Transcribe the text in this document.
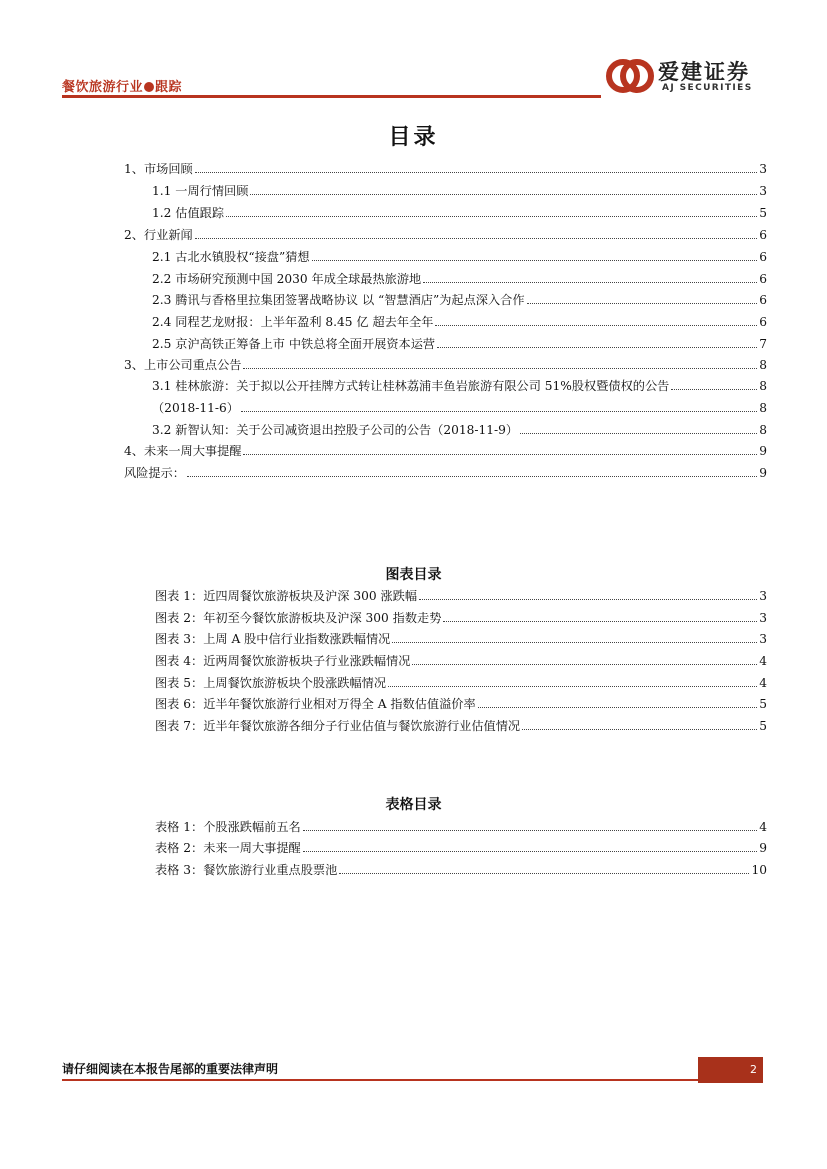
餐饮旅游行业 跟踪
爱建证券
AJ SECURITIES
目录
1、市场回顾	3
1.1 一周行情回顾	3
1.2 估值跟踪	5
2、行业新闻	6
2.1 古北水镇股权“接盘”猜想	6
2.2 市场研究预测中国 2030 年成全球最热旅游地	6
2.3 腾讯与香格里拉集团签署战略协议 以 “智慧酒店”为起点深入合作	6
2.4 同程艺龙财报：上半年盈利 8.45 亿 超去年全年	6
2.5 京沪高铁正筹备上市 中铁总将全面开展资本运营	7
3、上市公司重点公告	8
3.1 桂林旅游：关于拟以公开挂牌方式转让桂林荔浦丰鱼岩旅游有限公司 51%股权暨债权的公告	8
（2018-11-6）	8
3.2 新智认知：关于公司减资退出控股子公司的公告（2018-11-9）	8
4、未来一周大事提醒	9
风险提示：	9
图表目录
图表 1：近四周餐饮旅游板块及沪深 300 涨跌幅	3
图表 2：年初至今餐饮旅游板块及沪深 300 指数走势	3
图表 3：上周 A 股中信行业指数涨跌幅情况	3
图表 4：近两周餐饮旅游板块子行业涨跌幅情况	4
图表 5：上周餐饮旅游板块个股涨跌幅情况	4
图表 6：近半年餐饮旅游行业相对万得全 A 指数估值溢价率	5
图表 7：近半年餐饮旅游各细分子行业估值与餐饮旅游行业估值情况	5
表格目录
表格 1：个股涨跌幅前五名	4
表格 2：未来一周大事提醒	9
表格 3：餐饮旅游行业重点股票池	10
请仔细阅读在本报告尾部的重要法律声明	2
